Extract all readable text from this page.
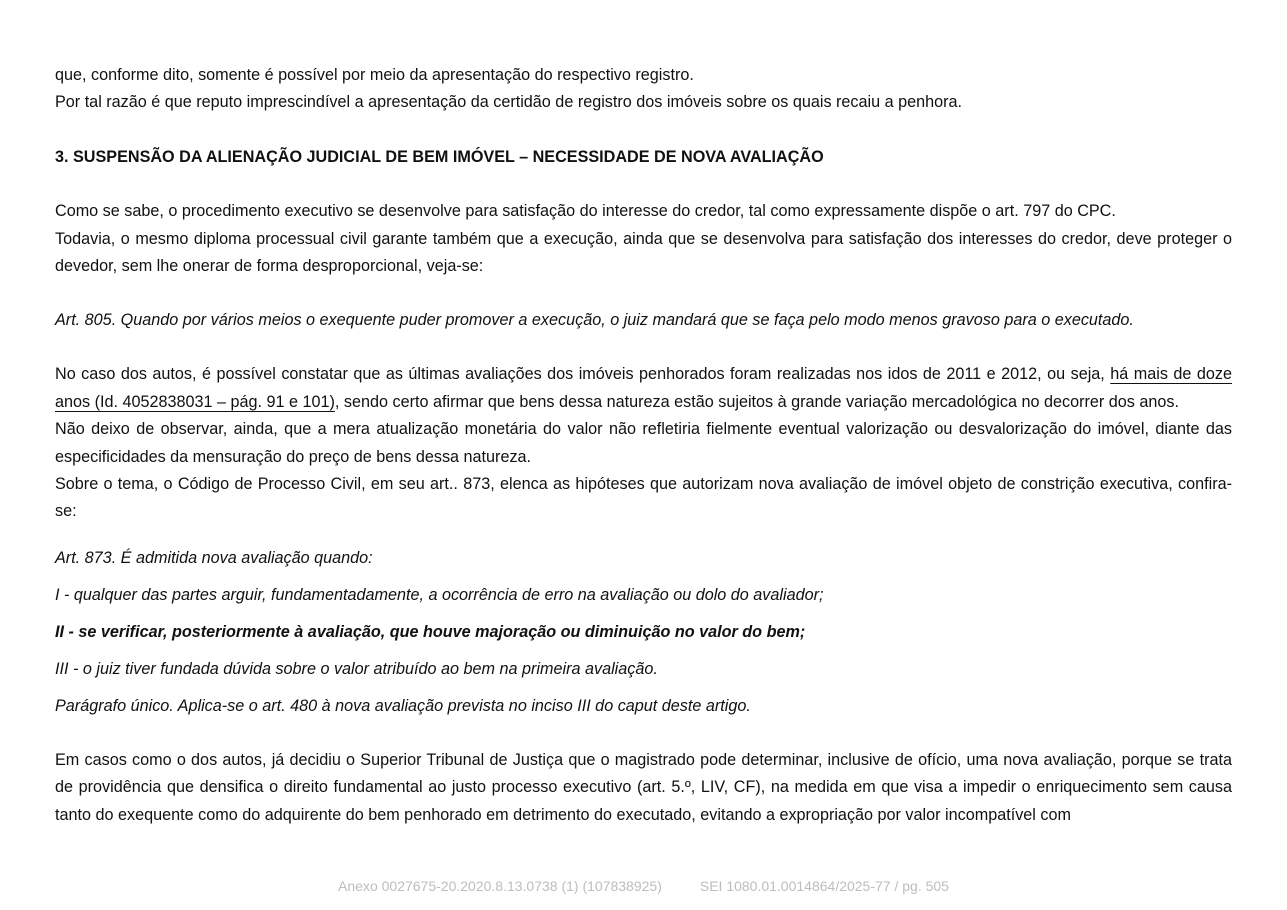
que, conforme dito, somente é possível por meio da apresentação do respectivo registro.

Por tal razão é que reputo imprescindível a apresentação da certidão de registro dos imóveis sobre os quais recaiu a penhora.

3. SUSPENSÃO DA ALIENAÇÃO JUDICIAL DE BEM IMÓVEL – NECESSIDADE DE NOVA AVALIAÇÃO

Como se sabe, o procedimento executivo se desenvolve para satisfação do interesse do credor, tal como expressamente dispõe o art. 797 do CPC.

Todavia, o mesmo diploma processual civil garante também que a execução, ainda que se desenvolva para satisfação dos interesses do credor, deve proteger o devedor, sem lhe onerar de forma desproporcional, veja-se:

Art. 805. Quando por vários meios o exequente puder promover a execução, o juiz mandará que se faça pelo modo menos gravoso para o executado.

No caso dos autos, é possível constatar que as últimas avaliações dos imóveis penhorados foram realizadas nos idos de 2011 e 2012, ou seja, há mais de doze anos (Id. 4052838031 – pág. 91 e 101), sendo certo afirmar que bens dessa natureza estão sujeitos à grande variação mercadológica no decorrer dos anos.

Não deixo de observar, ainda, que a mera atualização monetária do valor não refletiria fielmente eventual valorização ou desvalorização do imóvel, diante das especificidades da mensuração do preço de bens dessa natureza.

Sobre o tema, o Código de Processo Civil, em seu art.. 873, elenca as hipóteses que autorizam nova avaliação de imóvel objeto de constrição executiva, confira-se:

Art. 873. É admitida nova avaliação quando:

I - qualquer das partes arguir, fundamentadamente, a ocorrência de erro na avaliação ou dolo do avaliador;

II - se verificar, posteriormente à avaliação, que houve majoração ou diminuição no valor do bem;

III - o juiz tiver fundada dúvida sobre o valor atribuído ao bem na primeira avaliação.

Parágrafo único. Aplica-se o art. 480 à nova avaliação prevista no inciso III do caput deste artigo.

Em casos como o dos autos, já decidiu o Superior Tribunal de Justiça que o magistrado pode determinar, inclusive de ofício, uma nova avaliação, porque se trata de providência que densifica o direito fundamental ao justo processo executivo (art. 5.º, LIV, CF), na medida em que visa a impedir o enriquecimento sem causa tanto do exequente como do adquirente do bem penhorado em detrimento do executado, evitando a expropriação por valor incompatível com

Anexo 0027675-20.2020.8.13.0738 (1) (107838925)	SEI 1080.01.0014864/2025-77 / pg. 505
